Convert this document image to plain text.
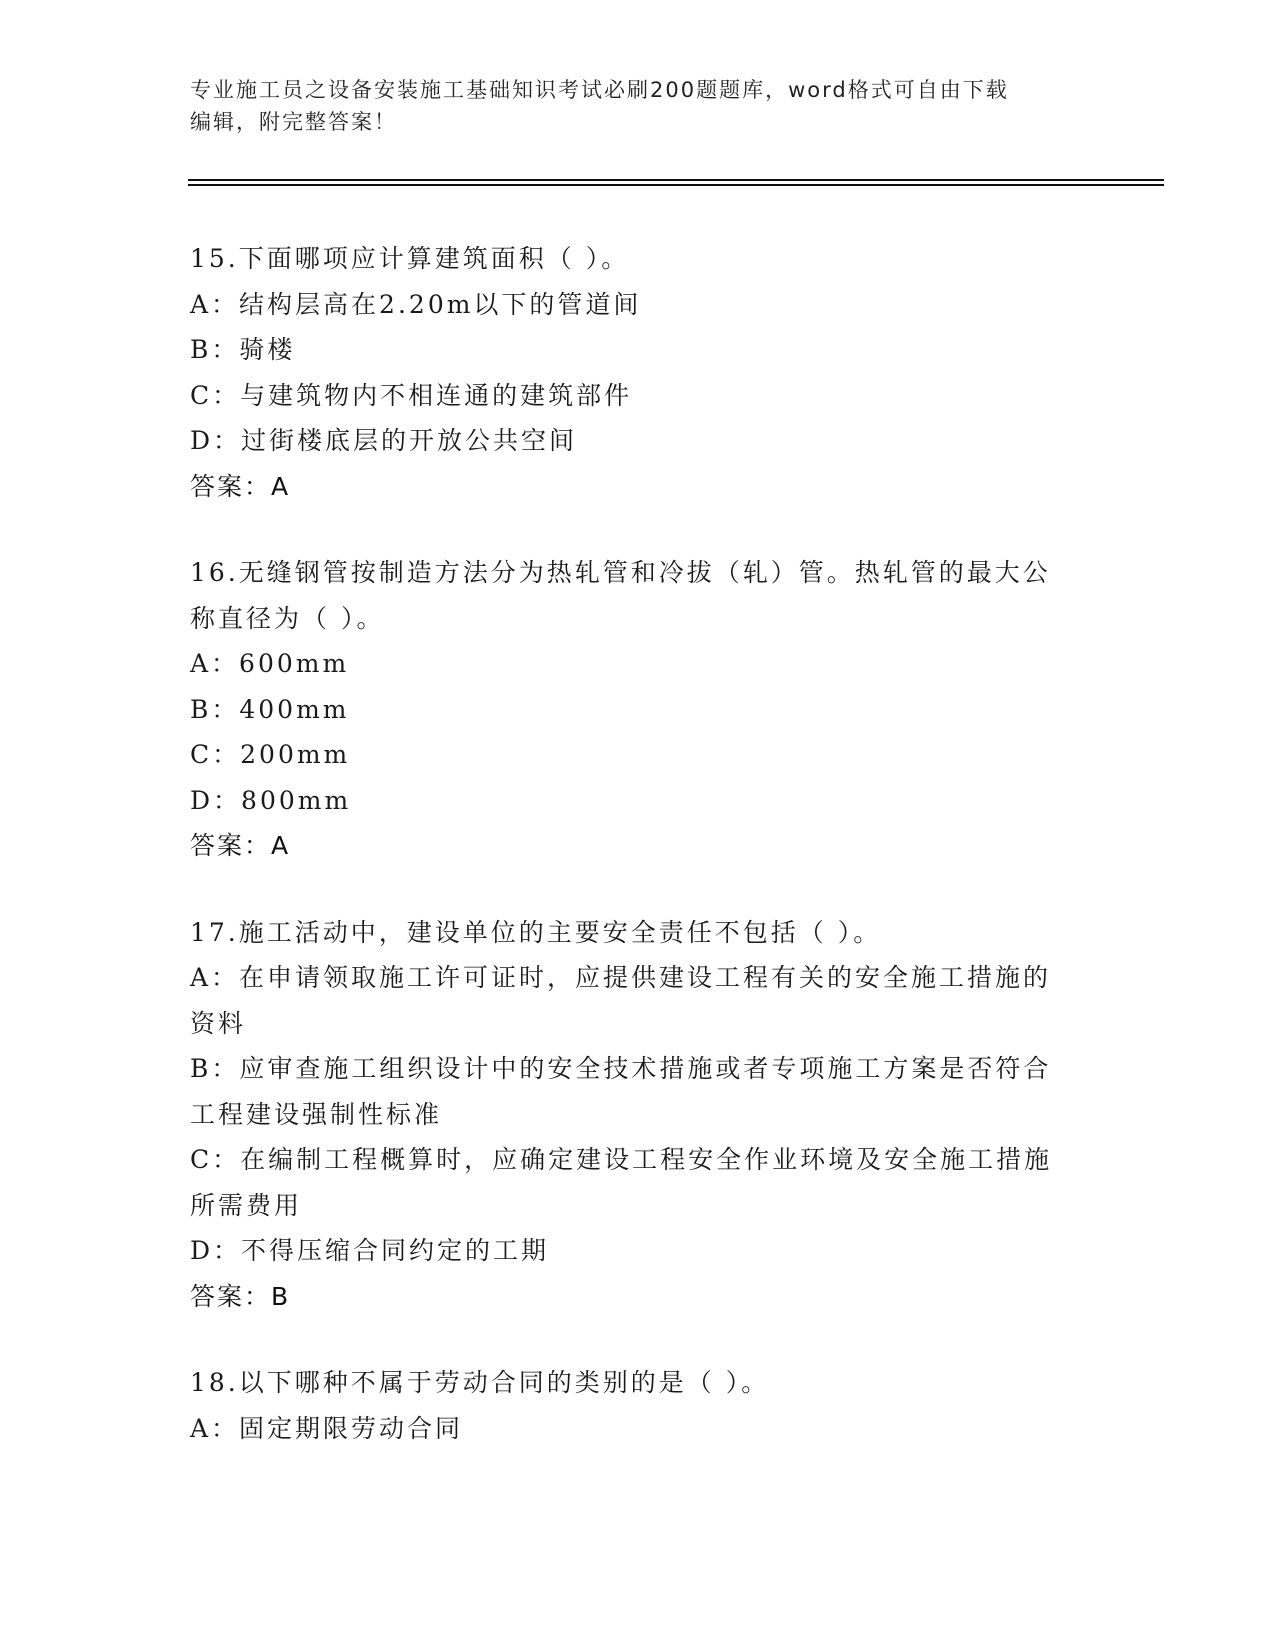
专业施工员之设备安装施工基础知识考试必刷200题题库，word格式可自由下载
编辑，附完整答案！
15.下面哪项应计算建筑面积（ ）。
A：结构层高在2.20m以下的管道间
B：骑楼
C：与建筑物内不相连通的建筑部件
D：过街楼底层的开放公共空间
答案：A
16.无缝钢管按制造方法分为热轧管和冷拔（轧）管。热轧管的最大公
称直径为（ ）。
A：600mm
B：400mm
C：200mm
D：800mm
答案：A
17.施工活动中，建设单位的主要安全责任不包括（ ）。
A：在申请领取施工许可证时，应提供建设工程有关的安全施工措施的
资料
B：应审查施工组织设计中的安全技术措施或者专项施工方案是否符合
工程建设强制性标准
C：在编制工程概算时，应确定建设工程安全作业环境及安全施工措施
所需费用
D：不得压缩合同约定的工期
答案：B
18.以下哪种不属于劳动合同的类别的是（ ）。
A：固定期限劳动合同
